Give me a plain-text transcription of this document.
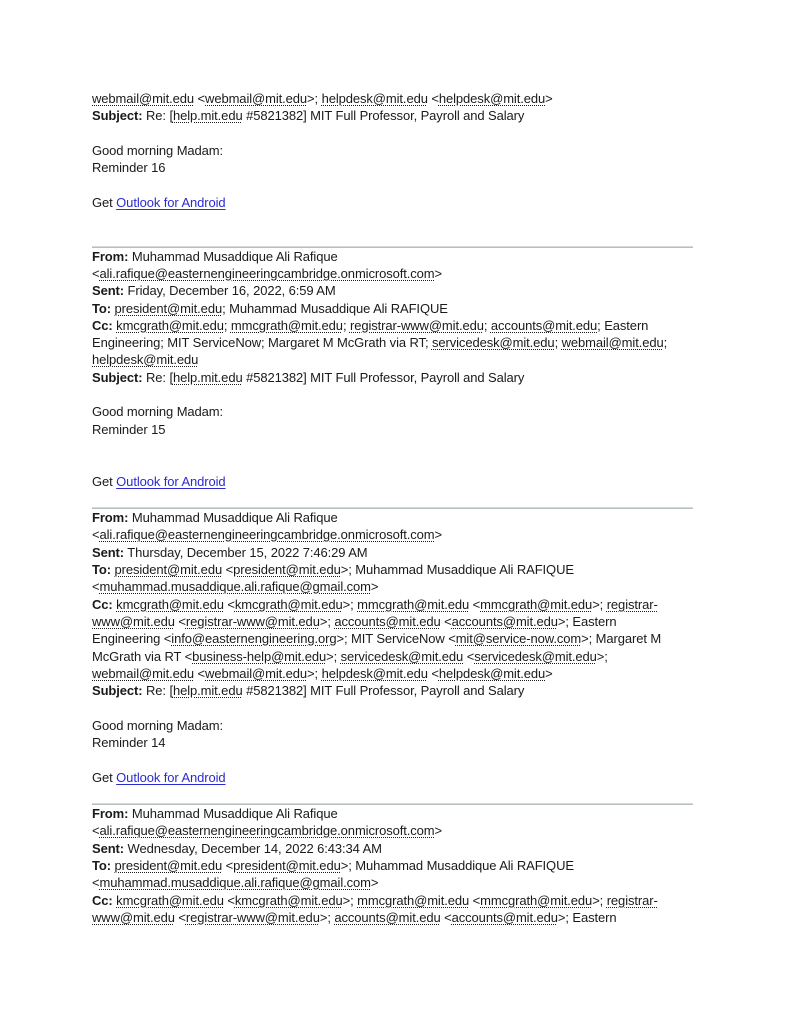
webmail@mit.edu <webmail@mit.edu>; helpdesk@mit.edu <helpdesk@mit.edu>
Subject: Re: [help.mit.edu #5821382] MIT Full Professor, Payroll and Salary

Good morning Madam:
Reminder 16

Get Outlook for Android

From: Muhammad Musaddique Ali Rafique
<ali.rafique@easternengineeringcambridge.onmicrosoft.com>
Sent: Friday, December 16, 2022, 6:59 AM
To: president@mit.edu; Muhammad Musaddique Ali RAFIQUE
Cc: kmcgrath@mit.edu; mmcgrath@mit.edu; registrar-www@mit.edu; accounts@mit.edu; Eastern
Engineering; MIT ServiceNow; Margaret M McGrath via RT; servicedesk@mit.edu; webmail@mit.edu;
helpdesk@mit.edu
Subject: Re: [help.mit.edu #5821382] MIT Full Professor, Payroll and Salary

Good morning Madam:
Reminder 15

Get Outlook for Android

From: Muhammad Musaddique Ali Rafique
<ali.rafique@easternengineeringcambridge.onmicrosoft.com>
Sent: Thursday, December 15, 2022 7:46:29 AM
To: president@mit.edu <president@mit.edu>; Muhammad Musaddique Ali RAFIQUE
<muhammad.musaddique.ali.rafique@gmail.com>
Cc: kmcgrath@mit.edu <kmcgrath@mit.edu>; mmcgrath@mit.edu <mmcgrath@mit.edu>; registrar-
www@mit.edu <registrar-www@mit.edu>; accounts@mit.edu <accounts@mit.edu>; Eastern
Engineering <info@easternengineering.org>; MIT ServiceNow <mit@service-now.com>; Margaret M
McGrath via RT <business-help@mit.edu>; servicedesk@mit.edu <servicedesk@mit.edu>;
webmail@mit.edu <webmail@mit.edu>; helpdesk@mit.edu <helpdesk@mit.edu>
Subject: Re: [help.mit.edu #5821382] MIT Full Professor, Payroll and Salary

Good morning Madam:
Reminder 14

Get Outlook for Android

From: Muhammad Musaddique Ali Rafique
<ali.rafique@easternengineeringcambridge.onmicrosoft.com>
Sent: Wednesday, December 14, 2022 6:43:34 AM
To: president@mit.edu <president@mit.edu>; Muhammad Musaddique Ali RAFIQUE
<muhammad.musaddique.ali.rafique@gmail.com>
Cc: kmcgrath@mit.edu <kmcgrath@mit.edu>; mmcgrath@mit.edu <mmcgrath@mit.edu>; registrar-
www@mit.edu <registrar-www@mit.edu>; accounts@mit.edu <accounts@mit.edu>; Eastern
